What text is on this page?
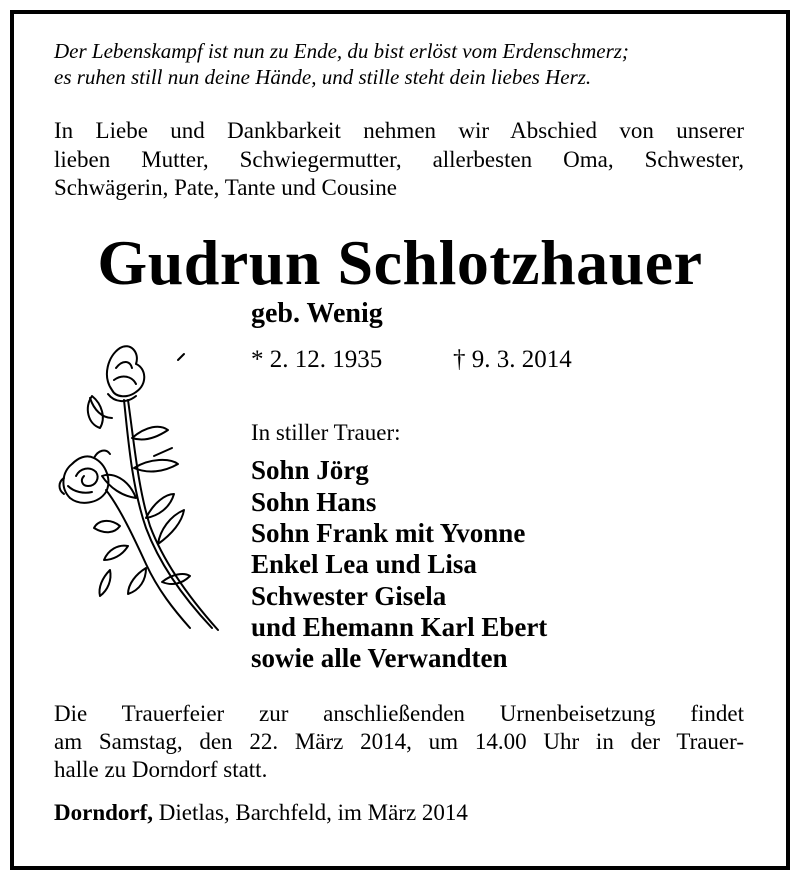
Der Lebenskampf ist nun zu Ende, du bist erlöst vom Erdenschmerz;
es ruhen still nun deine Hände, und stille steht dein liebes Herz.
In Liebe und Dankbarkeit nehmen wir Abschied von unserer
lieben Mutter, Schwiegermutter, allerbesten Oma, Schwester,
Schwägerin, Pate, Tante und Cousine
Gudrun Schlotzhauer
geb. Wenig
* 2. 12. 1935	† 9. 3. 2014
In stiller Trauer:
Sohn Jörg
Sohn Hans
Sohn Frank mit Yvonne
Enkel Lea und Lisa
Schwester Gisela
und Ehemann Karl Ebert
sowie alle Verwandten
Die Trauerfeier zur anschließenden Urnenbeisetzung findet
am Samstag, den 22. März 2014, um 14.00 Uhr in der Trauer-
halle zu Dorndorf statt.
Dorndorf, Dietlas, Barchfeld, im März 2014
